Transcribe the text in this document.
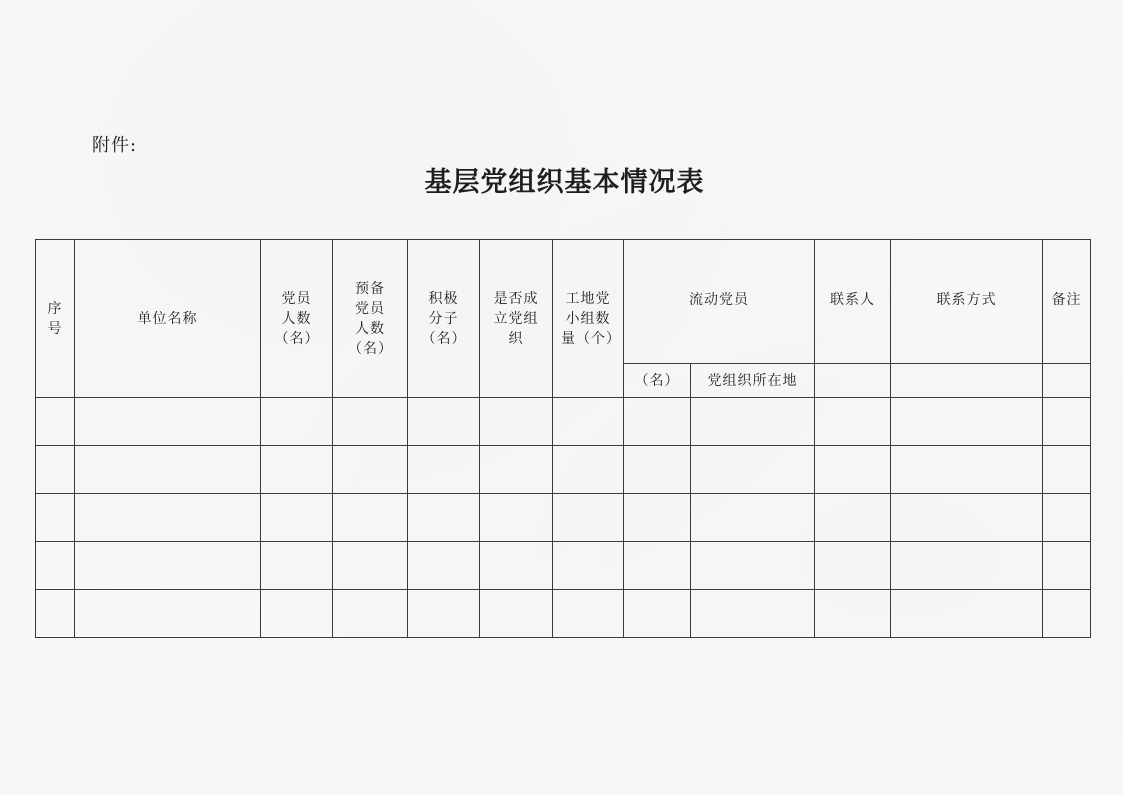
附件:
基层党组织基本情况表
序号	单位名称	党员人数（名）	预备党员人数（名）	积极分子（名）	是否成立党组织	工地党小组数量（个）	流动党员		联系人	联系方式	备注
							（名）	党组织所在地			
